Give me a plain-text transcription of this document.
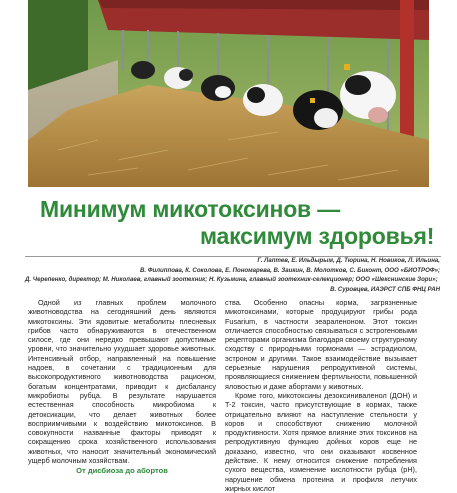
Минимум микотоксинов —
максимум здоровья!
Г. Лаптев, Е. Ильдырым, Д. Тюрина, Н. Новиков, Л. Ильина,
В. Филиппова, К. Соколова, Е. Пономарева, В. Заикин, В. Молотков, С. Биконт, ООО «БИОТРОФ»;
Д. Черепенко, директор; М. Николаев, главный зоотехник; Н. Кузьмина, главный зоотехник-селекционер; ООО «Шекснинские Зори»;
В. Суровцев, ИАЭРСТ СПБ ФНЦ РАН

Одной из главных проблем молочного животноводства на сегодняшний день являются микотоксины. Эти ядовитые метаболиты плесневых грибов часто обнаруживаются в отечественном силосе, где они нередко превышают допустимые уровни, что значительно ухудшает здоровье животных. Интенсивный отбор, направленный на повышение надоев, в сочетании с традиционным для высокопродуктивного животноводства рационом, богатым концентратами, приводит к дисбалансу микробиоты рубца. В результате нарушается естественная способность микробиома к детоксикации, что делает животных более восприимчивыми к воздействию микотоксинов. В совокупности названные факторы приводят к сокращению срока хозяйственного использования животных, что наносит значительный экономический ущерб молочным хозяйствам.

От дисбиоза до абортов

ства. Особенно опасны корма, загрязненные микотоксинами, которые продуцируют грибы рода Fusarium, в частности зеараленоном. Этот токсин отличается способностью связываться с эстрогеновыми рецепторами организма благодаря своему структурному сходству с природными гормонами — эстрадиолом, эстроном и другими. Такое взаимодействие вызывает серьезные нарушения репродуктивной системы, проявляющиеся снижением фертильности, повышенной яловостью и даже абортами у животных.

Кроме того, микотоксины дезоксиниваленол (ДОН) и T-2 токсин, часто присутствующие в кормах, также отрицательно влияют на наступление стельности у коров и способствуют снижению молочной продуктивности. Хотя прямое влияние этих токсинов на репродуктивную функцию дойных коров еще не доказано, известно, что они оказывают косвенное действие. К нему относится снижение потребления сухого вещества, изменение кислотности рубца (pH), нарушение обмена протеина и профиля летучих жирных кислот
